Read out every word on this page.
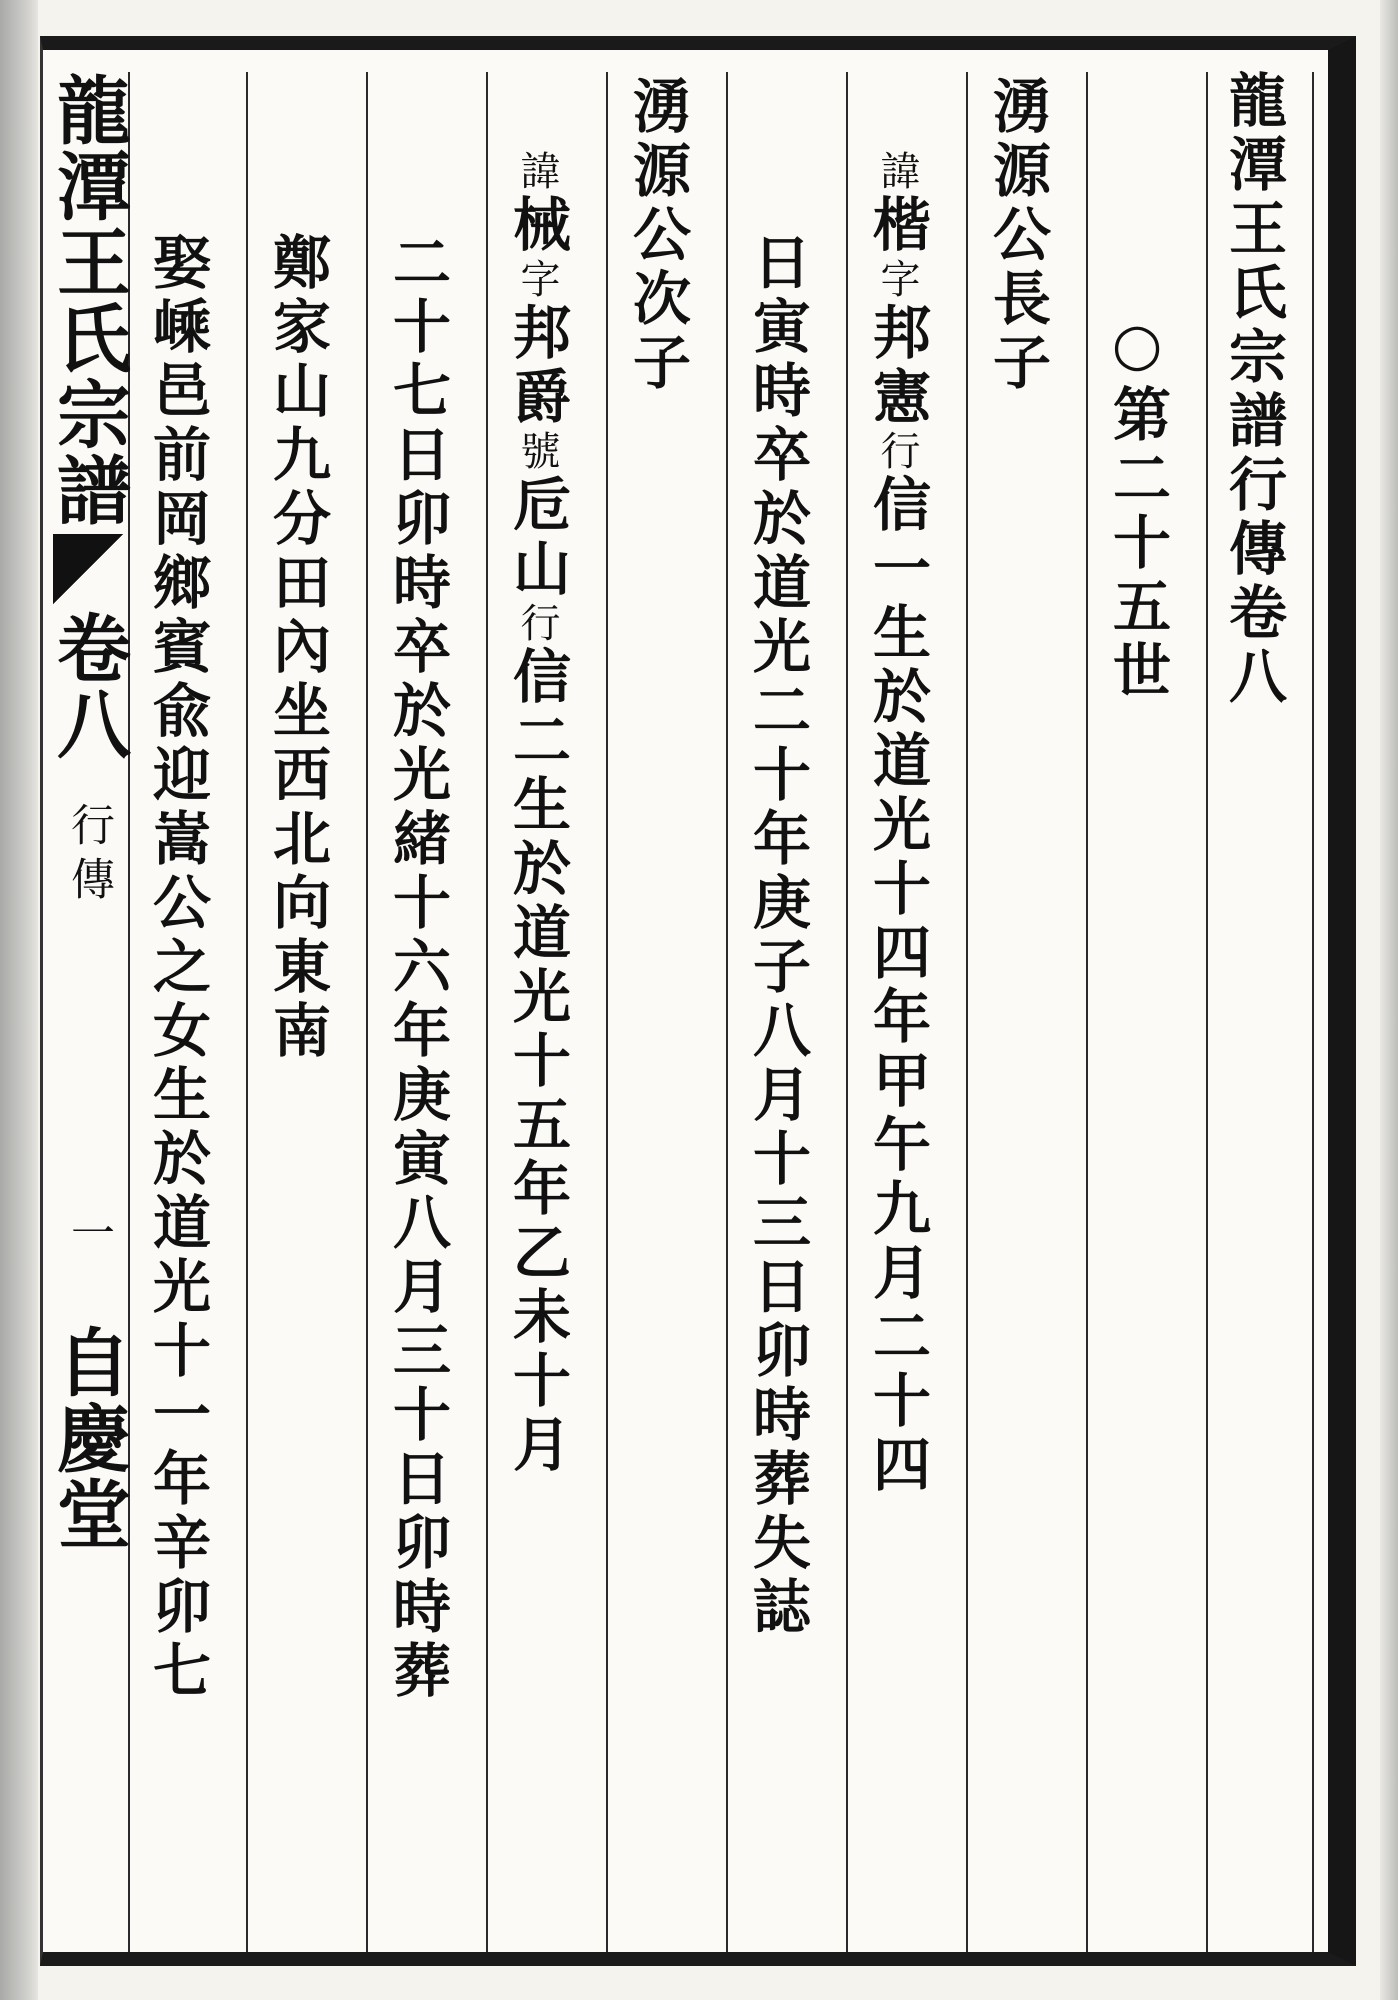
龍潭王氏宗譜行傳卷八
○第二十五世
湧源公長子
諱楷字邦憲行信一生於道光十四年甲午九月二十四
日寅時卒於道光二十年庚子八月十三日卯時葬失誌
湧源公次子
諱械字邦爵號卮山行信二生於道光十五年乙未十月
二十七日卯時卒於光緒十六年庚寅八月三十日卯時葬
鄭家山九分田內坐西北向東南
娶嵊邑前岡鄉賓兪迎嵩公之女生於道光十一年辛卯七
龍潭王氏宗譜卷八行傳一自慶堂
